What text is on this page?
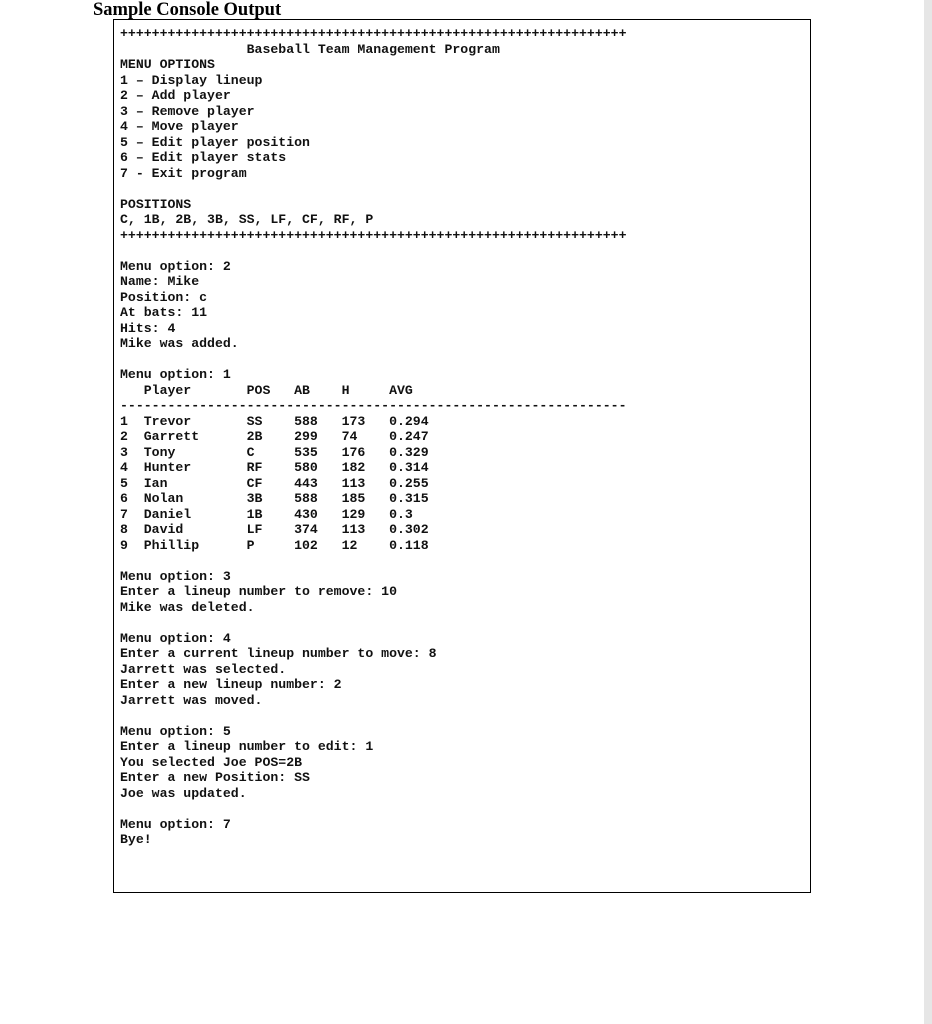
Sample Console Output
++++++++++++++++++++++++++++++++++++++++++++++++++++++++++++++++
Baseball Team Management Program
MENU OPTIONS
1 – Display lineup
2 – Add player
3 – Remove player
4 – Move player
5 – Edit player position
6 – Edit player stats
7 - Exit program
POSITIONS
C, 1B, 2B, 3B, SS, LF, CF, RF, P
++++++++++++++++++++++++++++++++++++++++++++++++++++++++++++++++
Menu option: 2
Name: Mike
Position: c
At bats: 11
Hits: 4
Mike was added.
Menu option: 1
Player       POS   AB    H     AVG
----------------------------------------------------------------
1  Trevor       SS    588   173   0.294
2  Garrett      2B    299   74    0.247
3  Tony         C     535   176   0.329
4  Hunter       RF    580   182   0.314
5  Ian          CF    443   113   0.255
6  Nolan        3B    588   185   0.315
7  Daniel       1B    430   129   0.3
8  David        LF    374   113   0.302
9  Phillip      P     102   12    0.118
Menu option: 3
Enter a lineup number to remove: 10
Mike was deleted.
Menu option: 4
Enter a current lineup number to move: 8
Jarrett was selected.
Enter a new lineup number: 2
Jarrett was moved.
Menu option: 5
Enter a lineup number to edit: 1
You selected Joe POS=2B
Enter a new Position: SS
Joe was updated.
Menu option: 7
Bye!
